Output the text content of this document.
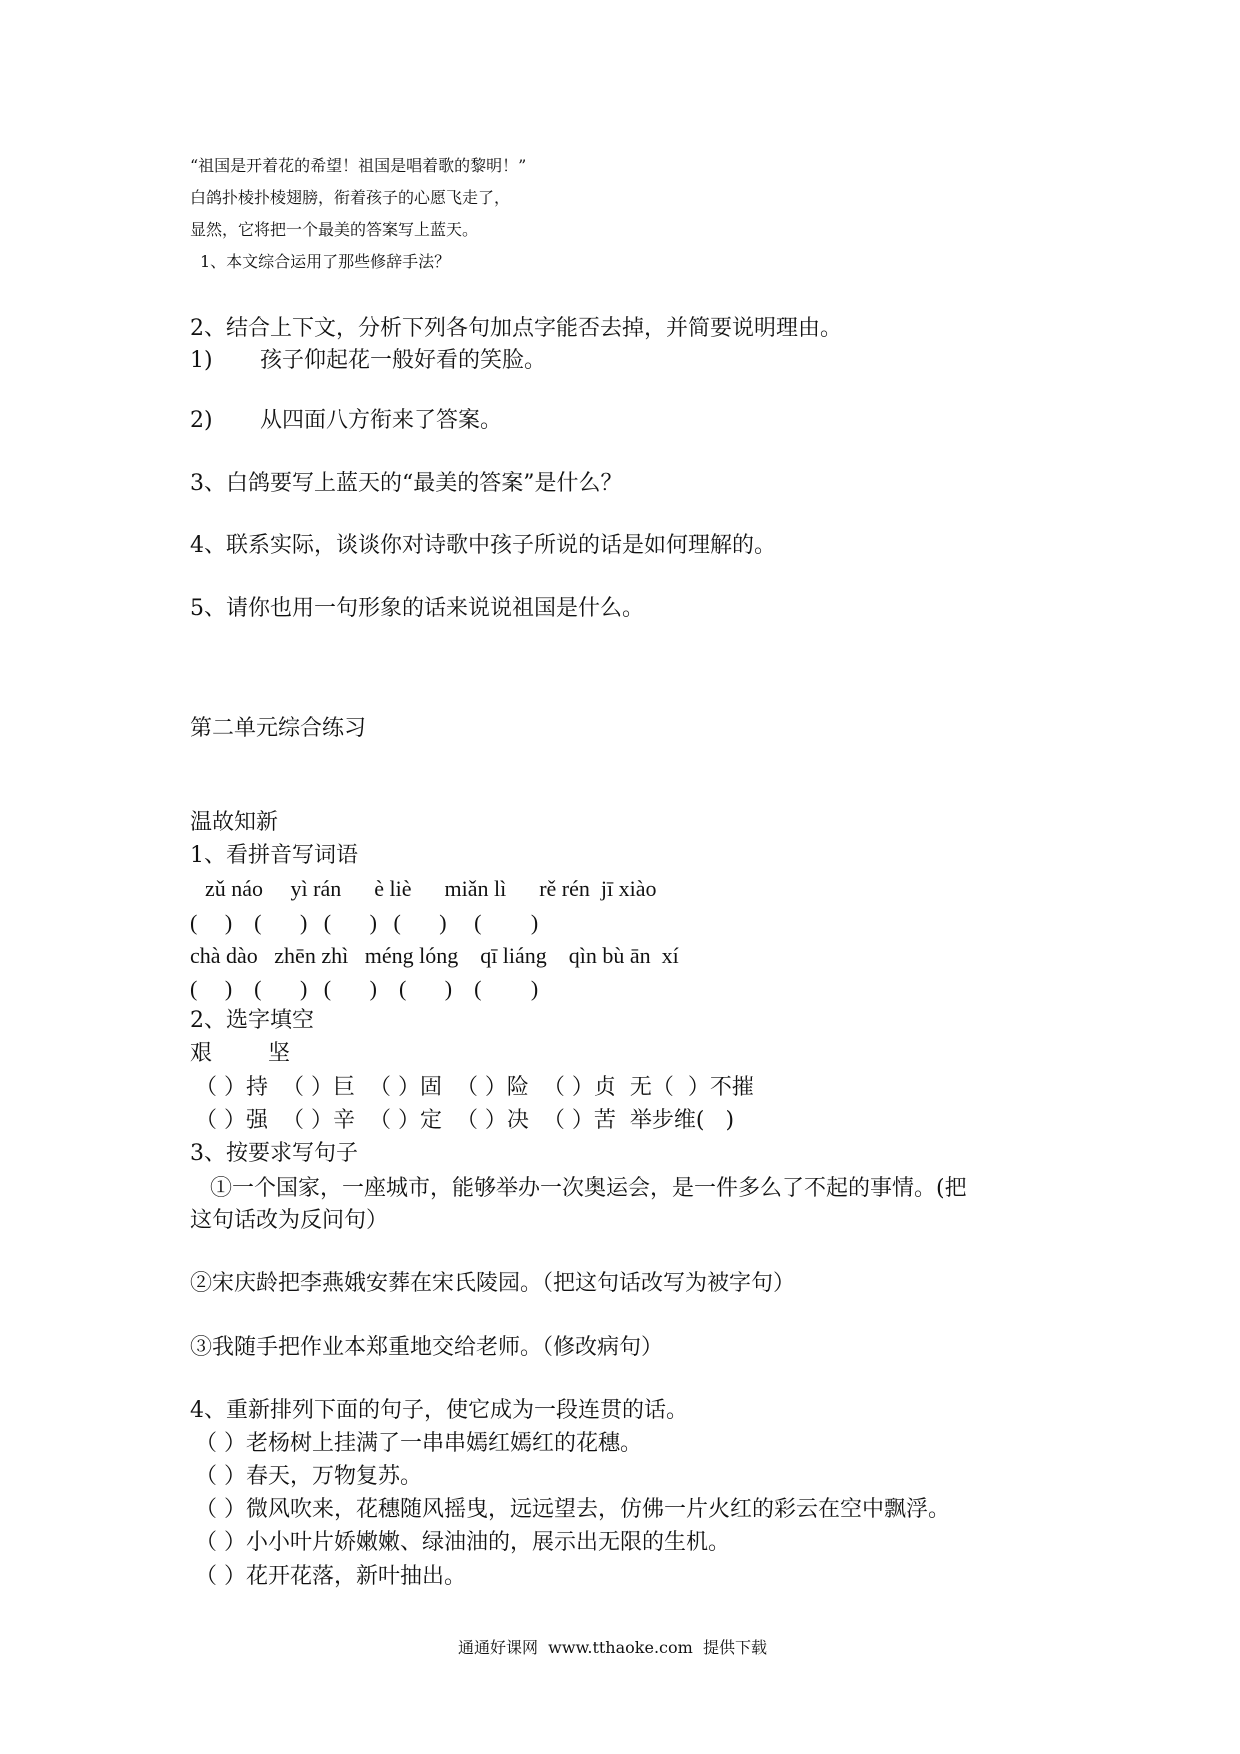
“祖国是开着花的希望！祖国是唱着歌的黎明！”
白鸽扑棱扑棱翅膀，衔着孩子的心愿飞走了，
显然，它将把一个最美的答案写上蓝天。
1、本文综合运用了那些修辞手法？
2、结合上下文，分析下列各句加点字能否去掉，并简要说明理由。
1) 孩子仰起花一般好看的笑脸。
2) 从四面八方衔来了答案。
3、白鸽要写上蓝天的“最美的答案”是什么？
4、联系实际，谈谈你对诗歌中孩子所说的话是如何理解的。
5、请你也用一句形象的话来说说祖国是什么。
第二单元综合练习
温故知新
1、看拼音写词语
zǔ náo     yì rán      è liè      miǎn lì      rě rén  jī xiào
(     )    (       )   (       )   (       )     (         )
chà dào   zhēn zhì   méng lóng    qī liáng    qìn bù ān  xí
(     )    (       )   (       )    (       )    (         )
2、选字填空
艰        坚
（ ）持  （ ）巨  （ ）固  （ ）险  （ ）贞  无（  ）不摧
（ ）强  （ ）辛  （ ）定  （ ）决  （ ）苦  举步维(   )
3、按要求写句子
①一个国家，一座城市，能够举办一次奥运会，是一件多么了不起的事情。(把
这句话改为反问句）
②宋庆龄把李燕娥安葬在宋氏陵园。（把这句话改写为被字句）
③我随手把作业本郑重地交给老师。（修改病句）
4、重新排列下面的句子，使它成为一段连贯的话。
（ ）老杨树上挂满了一串串嫣红嫣红的花穗。
（ ）春天，万物复苏。
（ ）微风吹来，花穗随风摇曳，远远望去，仿佛一片火红的彩云在空中飘浮。
（ ）小小叶片娇嫩嫩、绿油油的，展示出无限的生机。
（ ）花开花落，新叶抽出。
通通好课网  www.tthaoke.com  提供下载
